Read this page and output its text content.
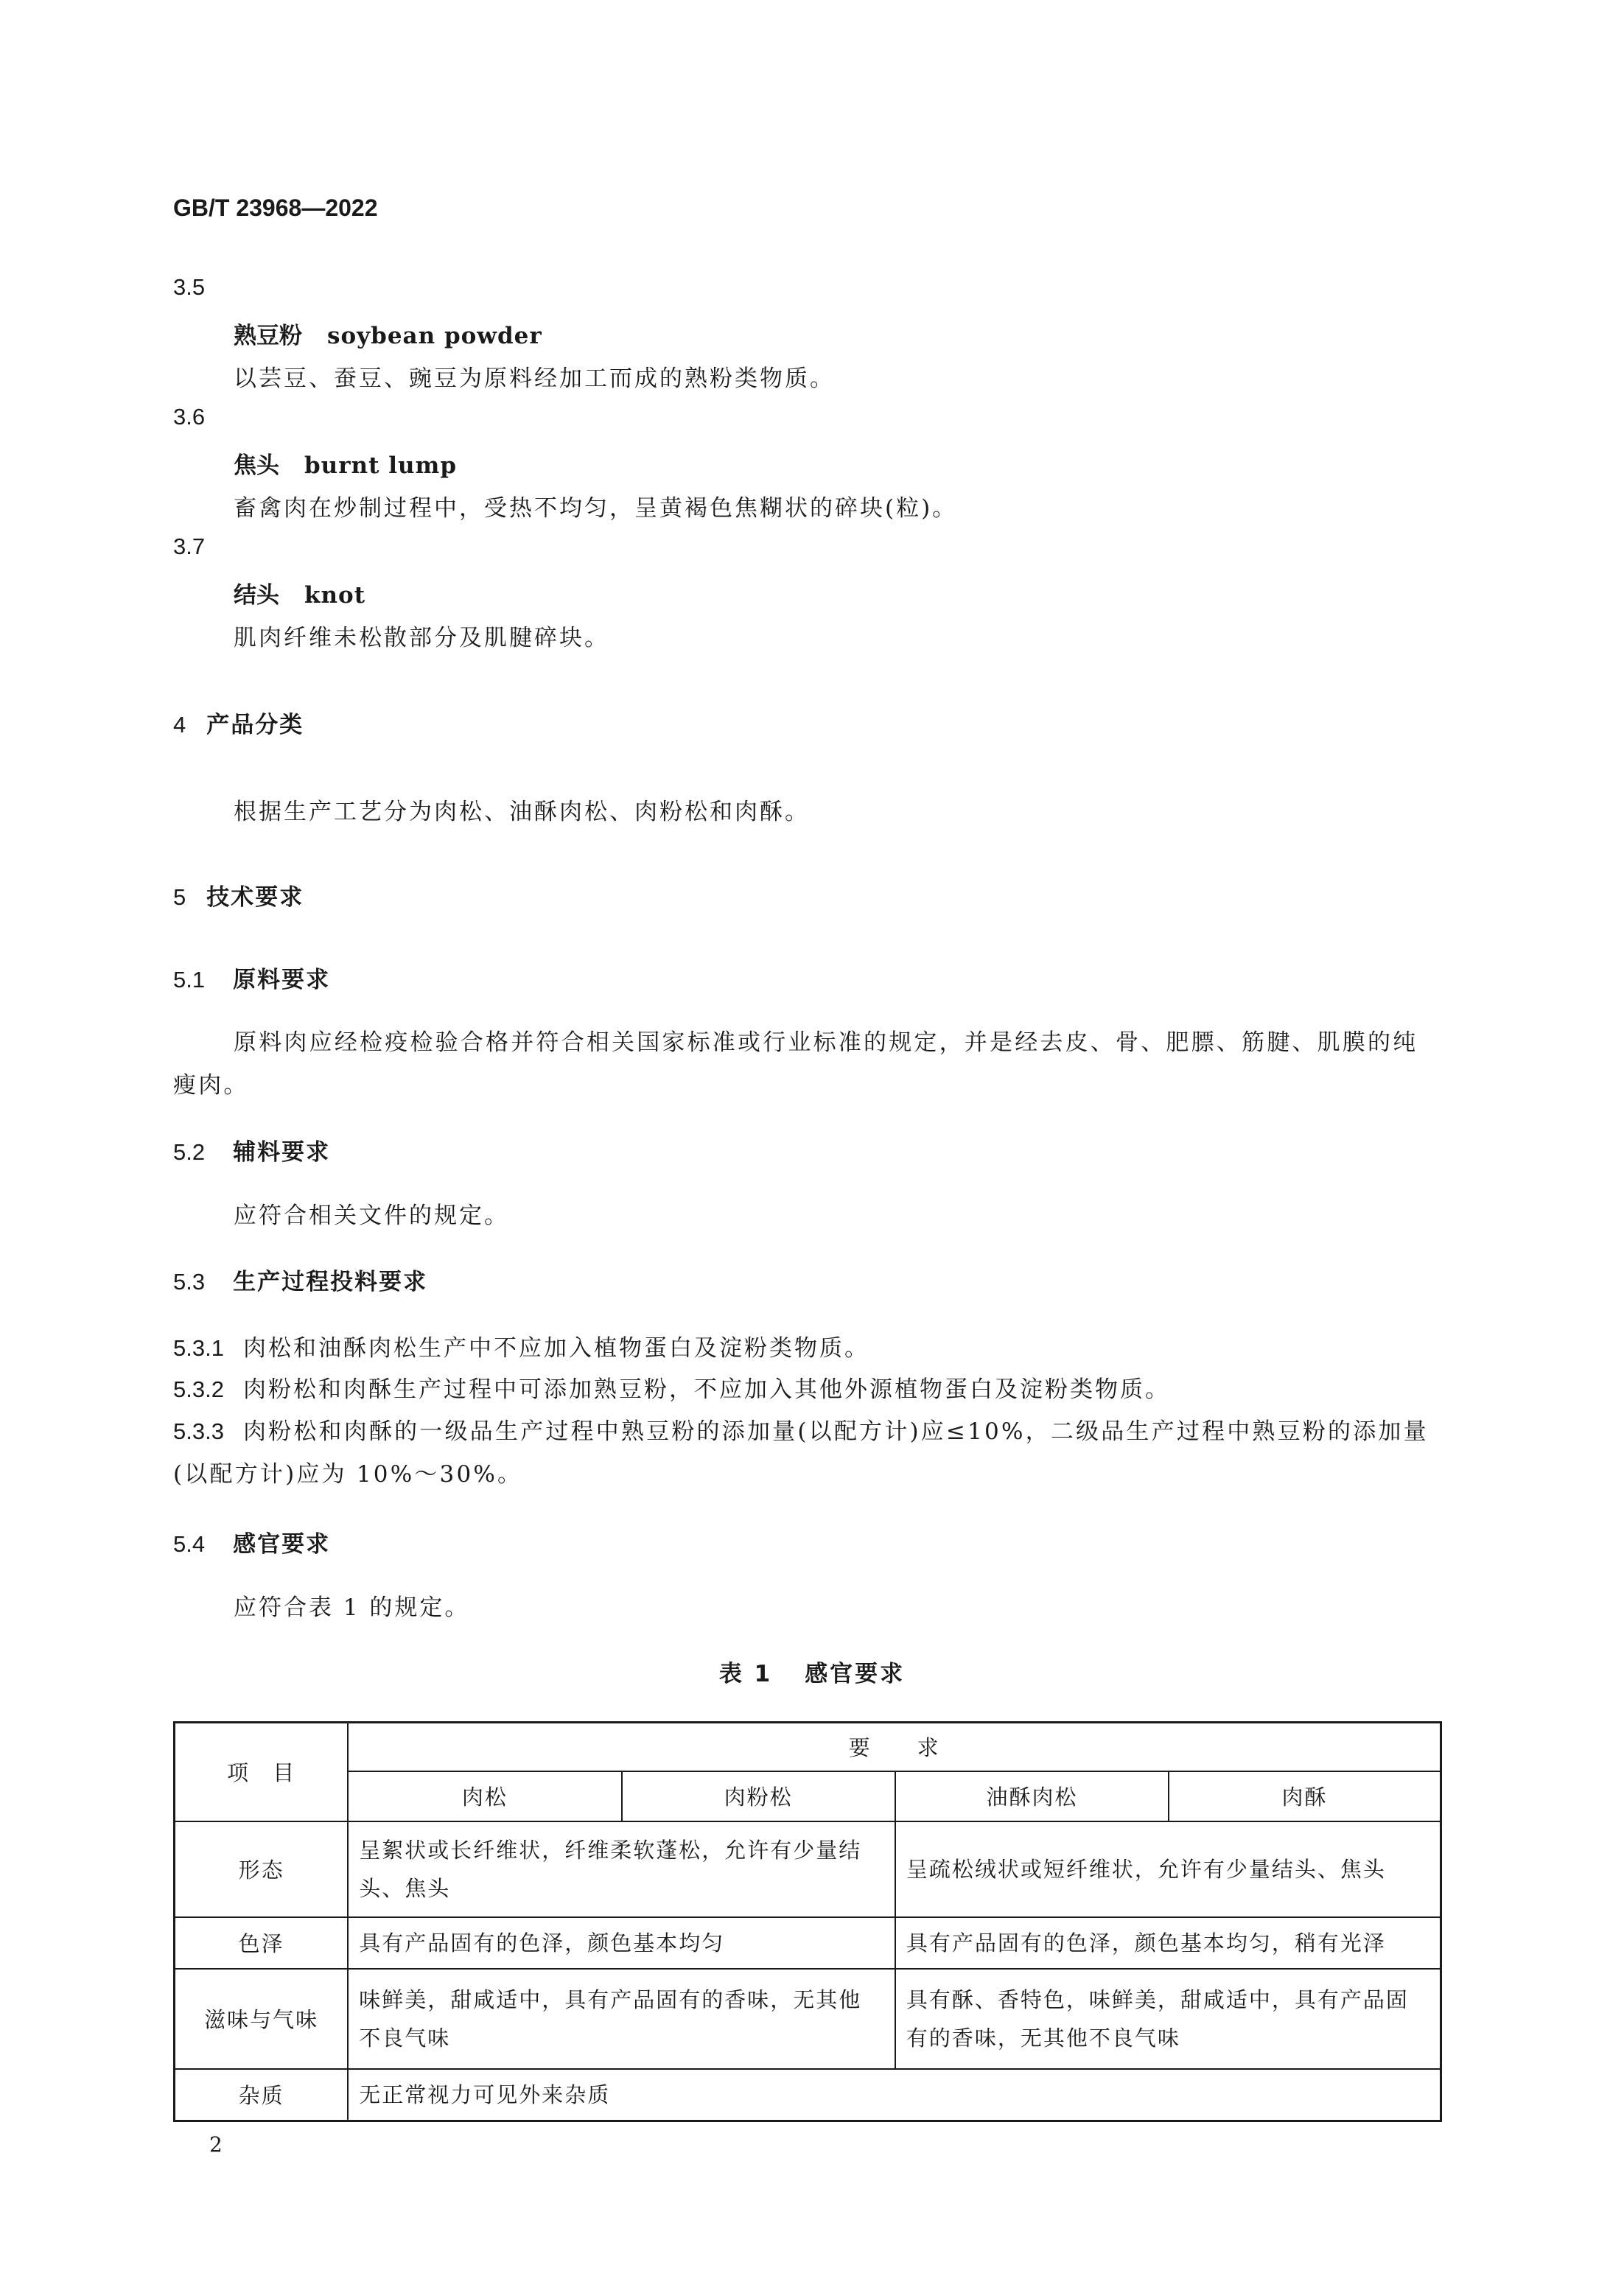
GB/T 23968—2022
3.5
熟豆粉 soybean powder
以芸豆、蚕豆、豌豆为原料经加工而成的熟粉类物质。
3.6
焦头 burnt lump
畜禽肉在炒制过程中，受热不均匀，呈黄褐色焦糊状的碎块(粒)。
3.7
结头 knot
肌肉纤维未松散部分及肌腱碎块。
4 产品分类
根据生产工艺分为肉松、油酥肉松、肉粉松和肉酥。
5 技术要求
5.1 原料要求
原料肉应经检疫检验合格并符合相关国家标准或行业标准的规定，并是经去皮、骨、肥膘、筋腱、肌膜的纯瘦肉。
5.2 辅料要求
应符合相关文件的规定。
5.3 生产过程投料要求
5.3.1 肉松和油酥肉松生产中不应加入植物蛋白及淀粉类物质。
5.3.2 肉粉松和肉酥生产过程中可添加熟豆粉，不应加入其他外源植物蛋白及淀粉类物质。
5.3.3 肉粉松和肉酥的一级品生产过程中熟豆粉的添加量(以配方计)应≤10%，二级品生产过程中熟豆粉的添加量(以配方计)应为 10%～30%。
5.4 感官要求
应符合表 1 的规定。
表 1 感官要求
项　目	要　　求			
	肉松	肉粉松	油酥肉松	肉酥
形态	呈絮状或长纤维状，纤维柔软蓬松，允许有少量结头、焦头		呈疏松绒状或短纤维状，允许有少量结头、焦头	
色泽	具有产品固有的色泽，颜色基本均匀		具有产品固有的色泽，颜色基本均匀，稍有光泽	
滋味与气味	味鲜美，甜咸适中，具有产品固有的香味，无其他不良气味		具有酥、香特色，味鲜美，甜咸适中，具有产品固有的香味，无其他不良气味	
杂质	无正常视力可见外来杂质			
2
